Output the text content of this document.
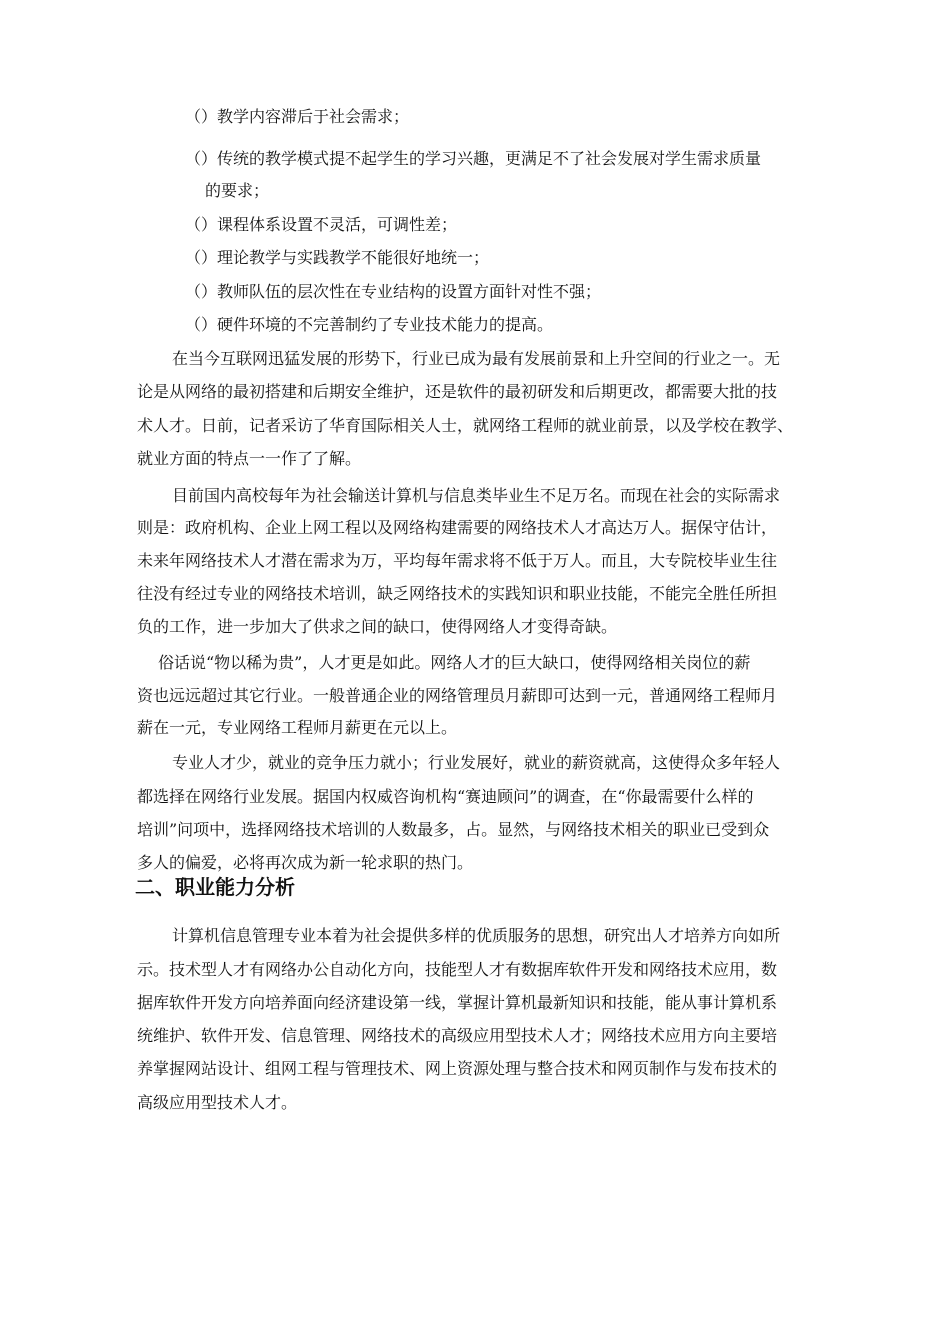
（）教学内容滞后于社会需求；
（）传统的教学模式提不起学生的学习兴趣，更满足不了社会发展对学生需求质量
的要求；
（）课程体系设置不灵活，可调性差；
（）理论教学与实践教学不能很好地统一；
（）教师队伍的层次性在专业结构的设置方面针对性不强；
（）硬件环境的不完善制约了专业技术能力的提高。
在当今互联网迅猛发展的形势下，行业已成为最有发展前景和上升空间的行业之一。无
论是从网络的最初搭建和后期安全维护，还是软件的最初研发和后期更改，都需要大批的技
术人才。日前，记者采访了华育国际相关人士，就网络工程师的就业前景，以及学校在教学、
就业方面的特点一一作了了解。
目前国内高校每年为社会输送计算机与信息类毕业生不足万名。而现在社会的实际需求
则是：政府机构、企业上网工程以及网络构建需要的网络技术人才高达万人。据保守估计，
未来年网络技术人才潜在需求为万，平均每年需求将不低于万人。而且，大专院校毕业生往
往没有经过专业的网络技术培训，缺乏网络技术的实践知识和职业技能，不能完全胜任所担
负的工作，进一步加大了供求之间的缺口，使得网络人才变得奇缺。
俗话说“物以稀为贵”，人才更是如此。网络人才的巨大缺口，使得网络相关岗位的薪
资也远远超过其它行业。一般普通企业的网络管理员月薪即可达到一元，普通网络工程师月
薪在一元，专业网络工程师月薪更在元以上。
专业人才少，就业的竞争压力就小；行业发展好，就业的薪资就高，这使得众多年轻人
都选择在网络行业发展。据国内权威咨询机构“赛迪顾问”的调查，在“你最需要什么样的
培训”问项中，选择网络技术培训的人数最多，占。显然，与网络技术相关的职业已受到众
多人的偏爱，必将再次成为新一轮求职的热门。
二、职业能力分析
计算机信息管理专业本着为社会提供多样的优质服务的思想，研究出人才培养方向如所
示。技术型人才有网络办公自动化方向，技能型人才有数据库软件开发和网络技术应用，数
据库软件开发方向培养面向经济建设第一线，掌握计算机最新知识和技能，能从事计算机系
统维护、软件开发、信息管理、网络技术的高级应用型技术人才；网络技术应用方向主要培
养掌握网站设计、组网工程与管理技术、网上资源处理与整合技术和网页制作与发布技术的
高级应用型技术人才。
